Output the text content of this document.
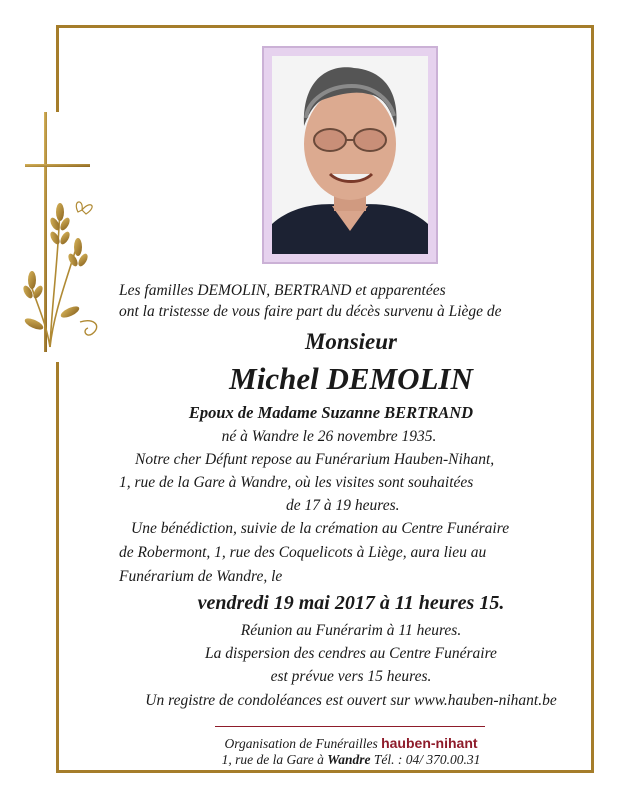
Les familles DEMOLIN, BERTRAND et apparentées
ont la tristesse de vous faire part du décès survenu à Liège de
Monsieur
Michel DEMOLIN
Epoux de Madame Suzanne BERTRAND
né à Wandre le 26 novembre 1935.
Notre cher Défunt repose au Funérarium Hauben-Nihant,
1, rue de la Gare à Wandre, où les visites sont souhaitées
de 17 à 19 heures.
Une bénédiction, suivie de la crémation au Centre Funéraire
de Robermont, 1, rue des Coquelicots à Liège, aura lieu au
Funérarium de Wandre, le
vendredi 19 mai 2017 à 11 heures 15.
Réunion au Funérarim à 11 heures.
La dispersion des cendres au Centre Funéraire
est prévue vers 15 heures.
Un registre de condoléances est ouvert sur www.hauben-nihant.be
Organisation de Funérailles hauben-nihant
1, rue de la Gare à Wandre Tél. : 04/ 370.00.31
